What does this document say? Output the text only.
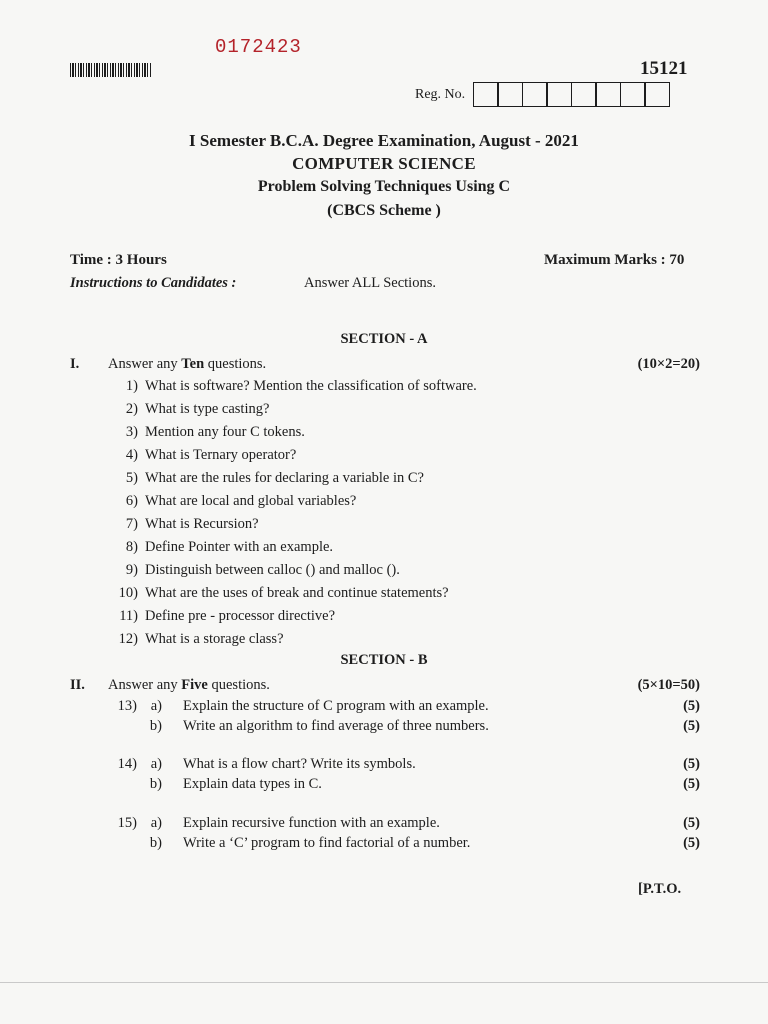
0172423
15121
Reg. No.
I Semester B.C.A. Degree Examination, August - 2021
COMPUTER SCIENCE
Problem Solving Techniques Using C
(CBCS Scheme )
Time : 3 Hours	Maximum Marks : 70
Instructions to Candidates :	Answer ALL Sections.
SECTION - A
I. Answer any Ten questions.	(10×2=20)
1) What is software? Mention the classification of software.
2) What is type casting?
3) Mention any four C tokens.
4) What is Ternary operator?
5) What are the rules for declaring a variable in C?
6) What are local and global variables?
7) What is Recursion?
8) Define Pointer with an example.
9) Distinguish between calloc () and malloc ().
10) What are the uses of break and continue statements?
11) Define pre - processor directive?
12) What is a storage class?
SECTION - B
II. Answer any Five questions.	(5×10=50)
13) a) Explain the structure of C program with an example.	(5)
b) Write an algorithm to find average of three numbers.	(5)
14) a) What is a flow chart? Write its symbols.	(5)
b) Explain data types in C.	(5)
15) a) Explain recursive function with an example.	(5)
b) Write a ‘C’ program to find factorial of a number.	(5)
[P.T.O.
